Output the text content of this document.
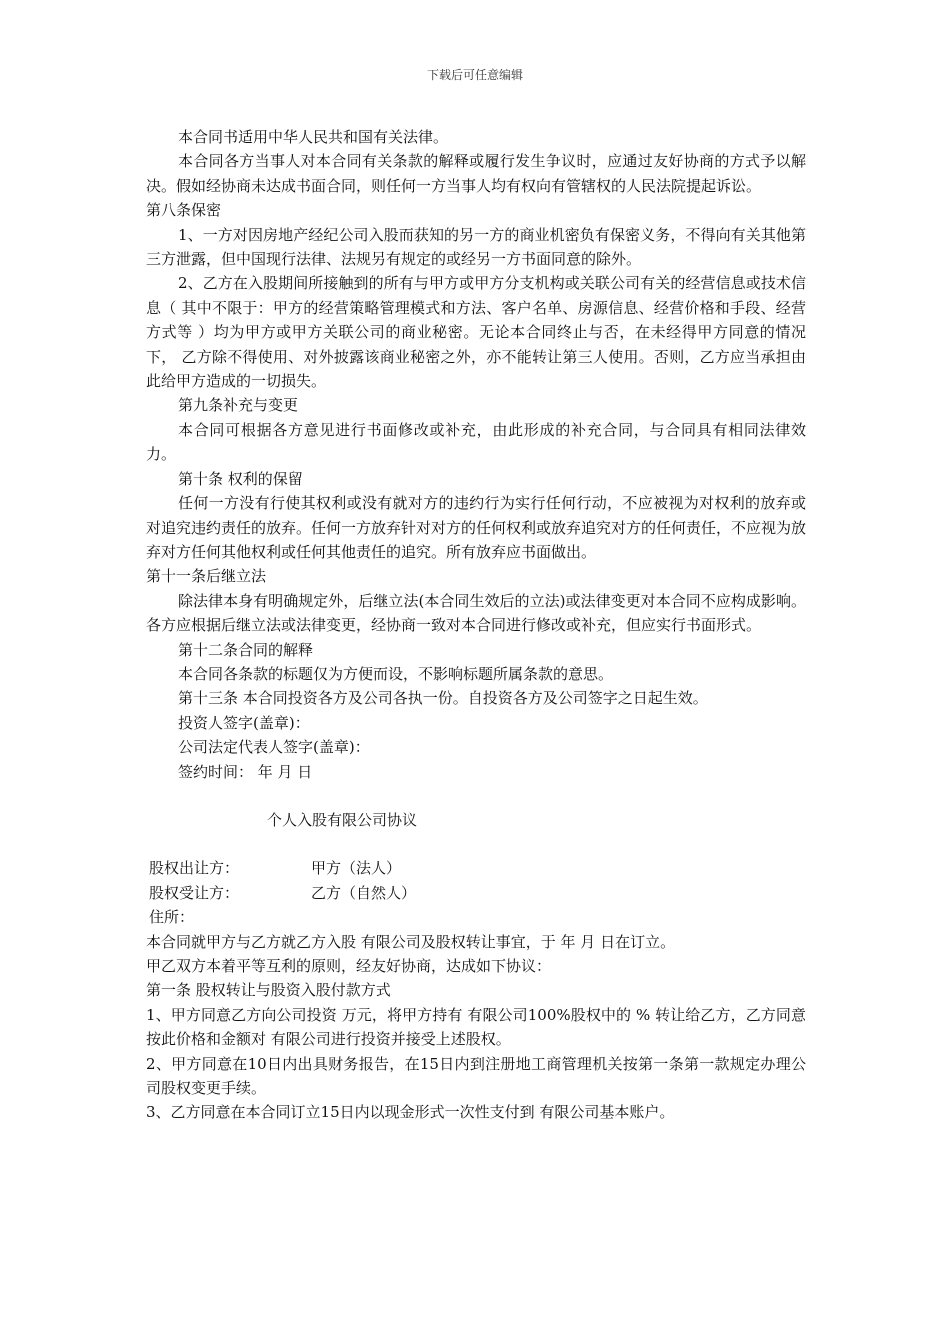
下载后可任意编辑

本合同书适用中华人民共和国有关法律。

本合同各方当事人对本合同有关条款的解释或履行发生争议时，应通过友好协商的方式予以解决。假如经协商未达成书面合同，则任何一方当事人均有权向有管辖权的人民法院提起诉讼。

第八条保密

1、一方对因房地产经纪公司入股而获知的另一方的商业机密负有保密义务，不得向有关其他第三方泄露，但中国现行法律、法规另有规定的或经另一方书面同意的除外。

2、乙方在入股期间所接触到的所有与甲方或甲方分支机构或关联公司有关的经营信息或技术信息（ 其中不限于：甲方的经营策略管理模式和方法、客户名单、房源信息、经营价格和手段、经营方式等 ）均为甲方或甲方关联公司的商业秘密。无论本合同终止与否，在未经得甲方同意的情况下， 乙方除不得使用、对外披露该商业秘密之外，亦不能转让第三人使用。否则，乙方应当承担由此给甲方造成的一切损失。

第九条补充与变更

本合同可根据各方意见进行书面修改或补充，由此形成的补充合同，与合同具有相同法律效力。

第十条 权利的保留

任何一方没有行使其权利或没有就对方的违约行为实行任何行动，不应被视为对权利的放弃或对追究违约责任的放弃。任何一方放弃针对对方的任何权利或放弃追究对方的任何责任，不应视为放弃对方任何其他权利或任何其他责任的追究。所有放弃应书面做出。

第十一条后继立法

除法律本身有明确规定外，后继立法(本合同生效后的立法)或法律变更对本合同不应构成影响。各方应根据后继立法或法律变更，经协商一致对本合同进行修改或补充，但应实行书面形式。

第十二条合同的解释

本合同各条款的标题仅为方便而设，不影响标题所属条款的意思。

第十三条 本合同投资各方及公司各执一份。自投资各方及公司签字之日起生效。

投资人签字(盖章)：

公司法定代表人签字(盖章)：

签约时间： 年 月 日

个人入股有限公司协议

股权出让方：	甲方（法人）
股权受让方：	乙方（自然人）

住所：

本合同就甲方与乙方就乙方入股 有限公司及股权转让事宜，于 年 月 日在订立。

甲乙双方本着平等互利的原则，经友好协商，达成如下协议：

第一条 股权转让与股资入股付款方式

1、甲方同意乙方向公司投资 万元，将甲方持有 有限公司100%股权中的 % 转让给乙方，乙方同意按此价格和金额对 有限公司进行投资并接受上述股权。

2、甲方同意在10日内出具财务报告，在15日内到注册地工商管理机关按第一条第一款规定办理公司股权变更手续。

3、乙方同意在本合同订立15日内以现金形式一次性支付到 有限公司基本账户。
